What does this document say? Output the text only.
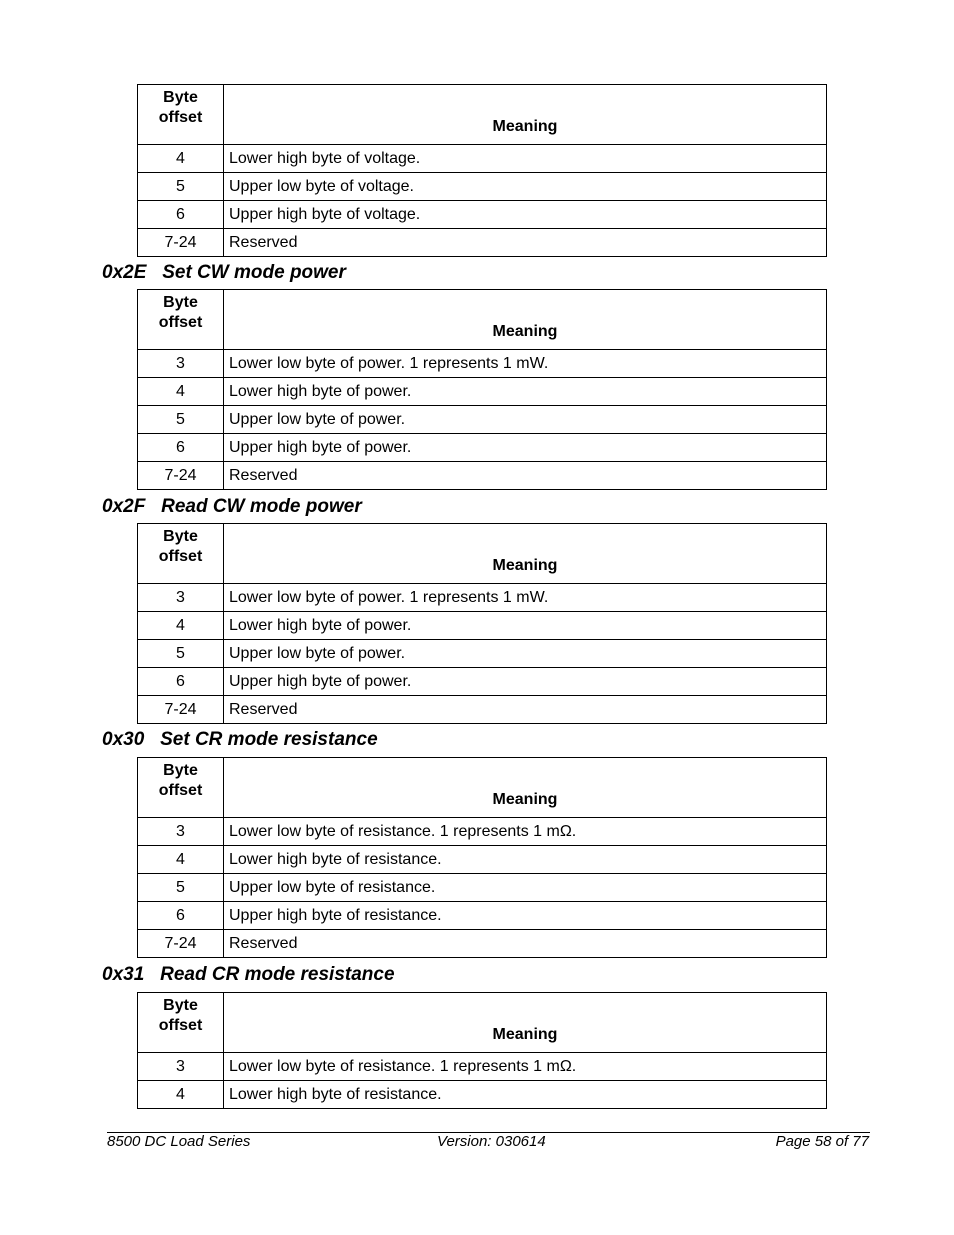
Byte
offset	Meaning
4	Lower high byte of voltage.
5	Upper low byte of voltage.
6	Upper high byte of voltage.
7-24	Reserved
0x2E   Set CW mode power
Byte
offset	Meaning
3	Lower low byte of power. 1 represents 1 mW.
4	Lower high byte of power.
5	Upper low byte of power.
6	Upper high byte of power.
7-24	Reserved
0x2F   Read CW mode power
Byte
offset	Meaning
3	Lower low byte of power. 1 represents 1 mW.
4	Lower high byte of power.
5	Upper low byte of power.
6	Upper high byte of power.
7-24	Reserved
0x30   Set CR mode resistance
Byte
offset	Meaning
3	Lower low byte of resistance. 1 represents 1 mΩ.
4	Lower high byte of resistance.
5	Upper low byte of resistance.
6	Upper high byte of resistance.
7-24	Reserved
0x31   Read CR mode resistance
Byte
offset	Meaning
3	Lower low byte of resistance. 1 represents 1 mΩ.
4	Lower high byte of resistance.
8500 DC Load Series	Version: 030614	Page 58 of 77
